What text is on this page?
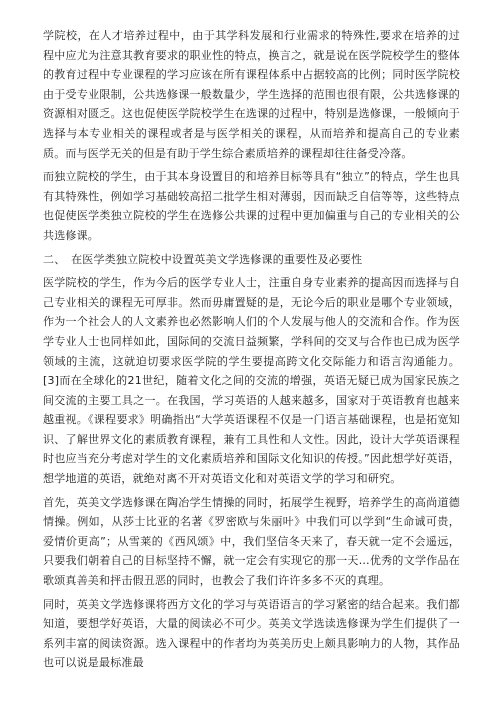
学院校，在人才培养过程中，由于其学科发展和行业需求的特殊性,要求在培养的过程中应尤为注意其教育要求的职业性的特点，换言之，就是说在医学院校学生的整体的教育过程中专业课程的学习应该在所有课程体系中占据较高的比例；同时医学院校由于受专业限制，公共选修课一般数量少，学生选择的范围也很有限，公共选修课的资源相对匮乏。这也促使医学院校学生在选课的过程中，特别是选修课，一般倾向于选择与本专业相关的课程或者是与医学相关的课程，从而培养和提高自己的专业素质。而与医学无关的但是有助于学生综合素质培养的课程却往往备受冷落。

而独立院校的学生，由于其本身设置目的和培养目标等具有“独立”的特点，学生也具有其特殊性，例如学习基础较高招二批学生相对薄弱，因而缺乏自信等等，这些特点也促使医学类独立院校的学生在选修公共课的过程中更加偏重与自己的专业相关的公共选修课。

二、　在医学类独立院校中设置英美文学选修课的重要性及必要性

医学院校的学生，作为今后的医学专业人士，注重自身专业素养的提高因而选择与自己专业相关的课程无可厚非。然而毋庸置疑的是，无论今后的职业是哪个专业领域，作为一个社会人的人文素养也必然影响人们的个人发展与他人的交流和合作。作为医学专业人士也同样如此，国际间的交流日益频繁，学科间的交叉与合作也已成为医学领域的主流，这就迫切要求医学院的学生要提高跨文化交际能力和语言沟通能力。[3]而在全球化的21世纪，随着文化之间的交流的增强，英语无疑已成为国家民族之间交流的主要工具之一。在我国，学习英语的人越来越多，国家对于英语教育也越来越重视。《课程要求》明确指出“大学英语课程不仅是一门语言基础课程，也是拓宽知识、了解世界文化的素质教育课程，兼有工具性和人文性。因此，设计大学英语课程时也应当充分考虑对学生的文化素质培养和国际文化知识的传授。”因此想学好英语，想学地道的英语，就绝对离不开对英语文化和对英语文学的学习和研究。

首先，英美文学选修课在陶冶学生情操的同时，拓展学生视野，培养学生的高尚道德情操。例如，从莎士比亚的名著《罗密欧与朱丽叶》中我们可以学到“生命诚可贵，爱情价更高”；从雪莱的《西风颂》中，我们坚信冬天来了，春天就一定不会遥远，只要我们朝着自己的目标坚持不懈，就一定会有实现它的那一天…优秀的文学作品在歌颂真善美和抨击假丑恶的同时，也教会了我们许许多多不灭的真理。

同时，英美文学选修课将西方文化的学习与英语语言的学习紧密的结合起来。我们都知道，要想学好英语，大量的阅读必不可少。英美文学选读选修课为学生们提供了一系列丰富的阅读资源。选入课程中的作者均为英美历史上颇具影响力的人物，其作品也可以说是最标准最
